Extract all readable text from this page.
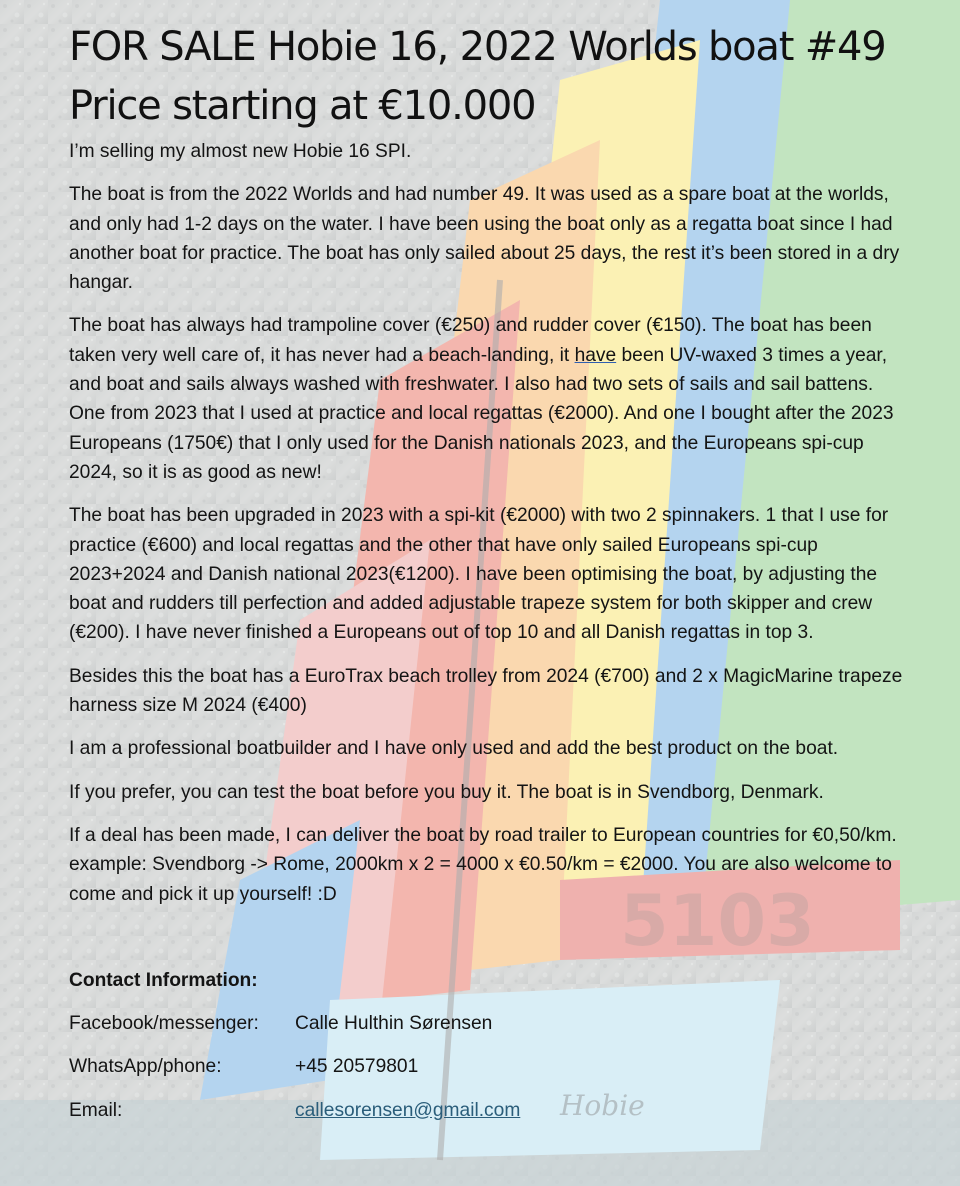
FOR SALE Hobie 16, 2022 Worlds boat #49
Price starting at €10.000

I’m selling my almost new Hobie 16 SPI.

The boat is from the 2022 Worlds and had number 49. It was used as a spare boat at the worlds, and only had 1-2 days on the water. I have been using the boat only as a regatta boat since I had another boat for practice. The boat has only sailed about 25 days, the rest it’s been stored in a dry hangar.

The boat has always had trampoline cover (€250) and rudder cover (€150). The boat has been taken very well care of, it has never had a beach-landing, it have been UV-waxed 3 times a year, and boat and sails always washed with freshwater. I also had two sets of sails and sail battens. One from 2023 that I used at practice and local regattas (€2000). And one I bought after the 2023 Europeans (1750€) that I only used for the Danish nationals 2023, and the Europeans spi-cup 2024, so it is as good as new!

The boat has been upgraded in 2023 with a spi-kit (€2000) with two 2 spinnakers. 1 that I use for practice (€600) and local regattas and the other that have only sailed Europeans spi-cup 2023+2024 and Danish national 2023(€1200). I have been optimising the boat, by adjusting the boat and rudders till perfection and added adjustable trapeze system for both skipper and crew (€200). I have never finished a Europeans out of top 10 and all Danish regattas in top 3.

Besides this the boat has a EuroTrax beach trolley from 2024 (€700) and 2 x MagicMarine trapeze harness size M 2024 (€400)

I am a professional boatbuilder and I have only used and add the best product on the boat.

If you prefer, you can test the boat before you buy it. The boat is in Svendborg, Denmark.

If a deal has been made, I can deliver the boat by road trailer to European countries for €0,50/km. example: Svendborg -> Rome, 2000km x 2 = 4000 x €0.50/km = €2000. You are also welcome to come and pick it up yourself! :D

Contact Information:

Facebook/messenger:	Calle Hulthin Sørensen
WhatsApp/phone:	+45 20579801
Email:	callesorensen@gmail.com
